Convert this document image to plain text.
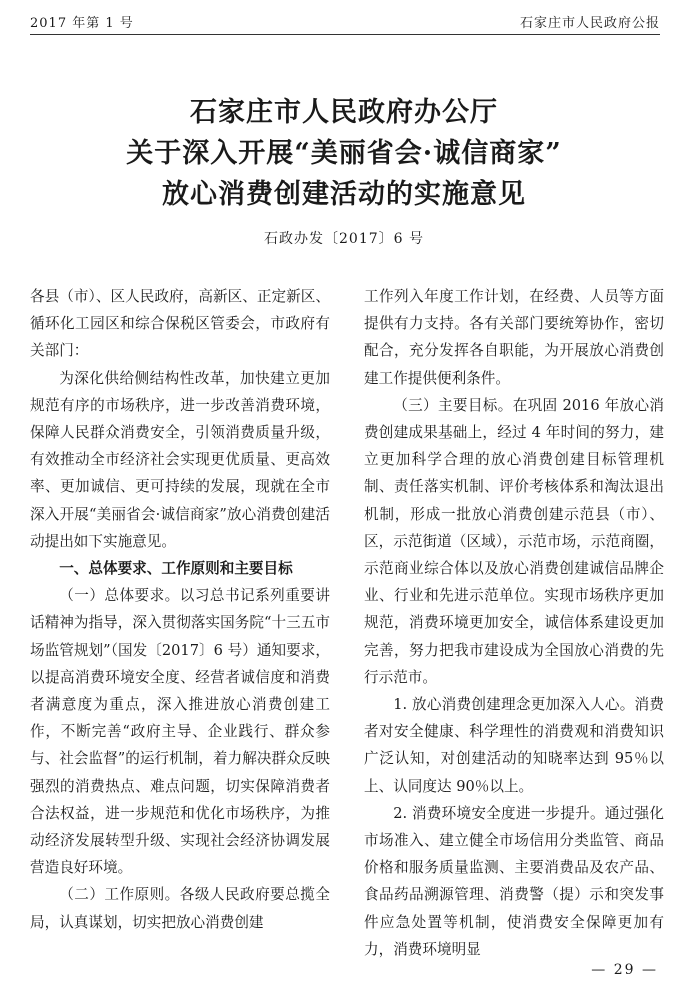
2017 年第 1 号	石家庄市人民政府公报
石家庄市人民政府办公厅
关于深入开展“美丽省会·诚信商家”
放心消费创建活动的实施意见
石政办发〔2017〕6 号

各县（市）、区人民政府，高新区、正定新区、循环化工园区和综合保税区管委会，市政府有关部门：

为深化供给侧结构性改革，加快建立更加规范有序的市场秩序，进一步改善消费环境，保障人民群众消费安全，引领消费质量升级，有效推动全市经济社会实现更优质量、更高效率、更加诚信、更可持续的发展，现就在全市深入开展“美丽省会·诚信商家”放心消费创建活动提出如下实施意见。

一、总体要求、工作原则和主要目标

（一）总体要求。以习总书记系列重要讲话精神为指导，深入贯彻落实国务院“十三五市场监管规划”（国发〔2017〕6 号）通知要求，以提高消费环境安全度、经营者诚信度和消费者满意度为重点，深入推进放心消费创建工作，不断完善“政府主导、企业践行、群众参与、社会监督”的运行机制，着力解决群众反映强烈的消费热点、难点问题，切实保障消费者合法权益，进一步规范和优化市场秩序，为推动经济发展转型升级、实现社会经济协调发展营造良好环境。

（二）工作原则。各级人民政府要总揽全局，认真谋划，切实把放心消费创建

工作列入年度工作计划，在经费、人员等方面提供有力支持。各有关部门要统筹协作，密切配合，充分发挥各自职能，为开展放心消费创建工作提供便利条件。

（三）主要目标。在巩固 2016 年放心消费创建成果基础上，经过 4 年时间的努力，建立更加科学合理的放心消费创建目标管理机制、责任落实机制、评价考核体系和淘汰退出机制，形成一批放心消费创建示范县（市）、区，示范街道（区域），示范市场，示范商圈，示范商业综合体以及放心消费创建诚信品牌企业、行业和先进示范单位。实现市场秩序更加规范，消费环境更加安全，诚信体系建设更加完善，努力把我市建设成为全国放心消费的先行示范市。

1. 放心消费创建理念更加深入人心。消费者对安全健康、科学理性的消费观和消费知识广泛认知，对创建活动的知晓率达到 95％以上、认同度达 90％以上。

2. 消费环境安全度进一步提升。通过强化市场准入、建立健全市场信用分类监管、商品价格和服务质量监测、主要消费品及农产品、食品药品溯源管理、消费警（提）示和突发事件应急处置等机制，使消费安全保障更加有力，消费环境明显

— 29 —
